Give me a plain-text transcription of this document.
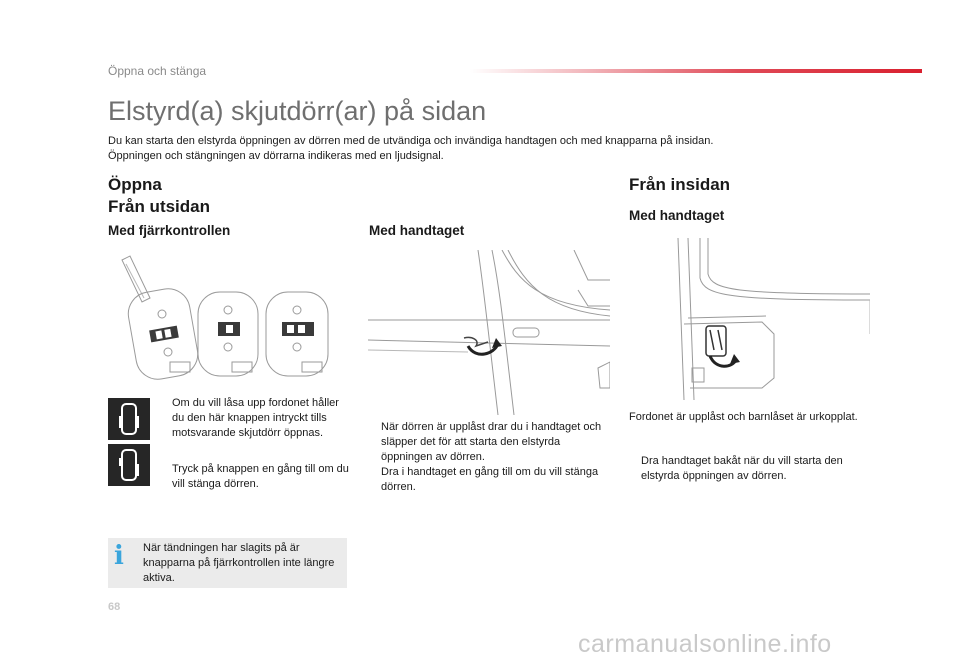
Öppna och stänga
Elstyrd(a) skjutdörr(ar) på sidan
Du kan starta den elstyrda öppningen av dörren med de utvändiga och invändiga handtagen och med knapparna på insidan.
Öppningen och stängningen av dörrarna indikeras med en ljudsignal.
Öppna
Från utsidan
Med fjärrkontrollen
Om du vill låsa upp fordonet håller du den här knappen intryckt tills motsvarande skjutdörr öppnas.
Tryck på knappen en gång till om du vill stänga dörren.
i När tändningen har slagits på är knapparna på fjärrkontrollen inte längre aktiva.
Med handtaget
När dörren är upplåst drar du i handtaget och släpper det för att starta den elstyrda öppningen av dörren.
Dra i handtaget en gång till om du vill stänga dörren.
Från insidan
Med handtaget
Fordonet är upplåst och barnlåset är urkopplat.
Dra handtaget bakåt när du vill starta den elstyrda öppningen av dörren.
68
carmanualsonline.info
